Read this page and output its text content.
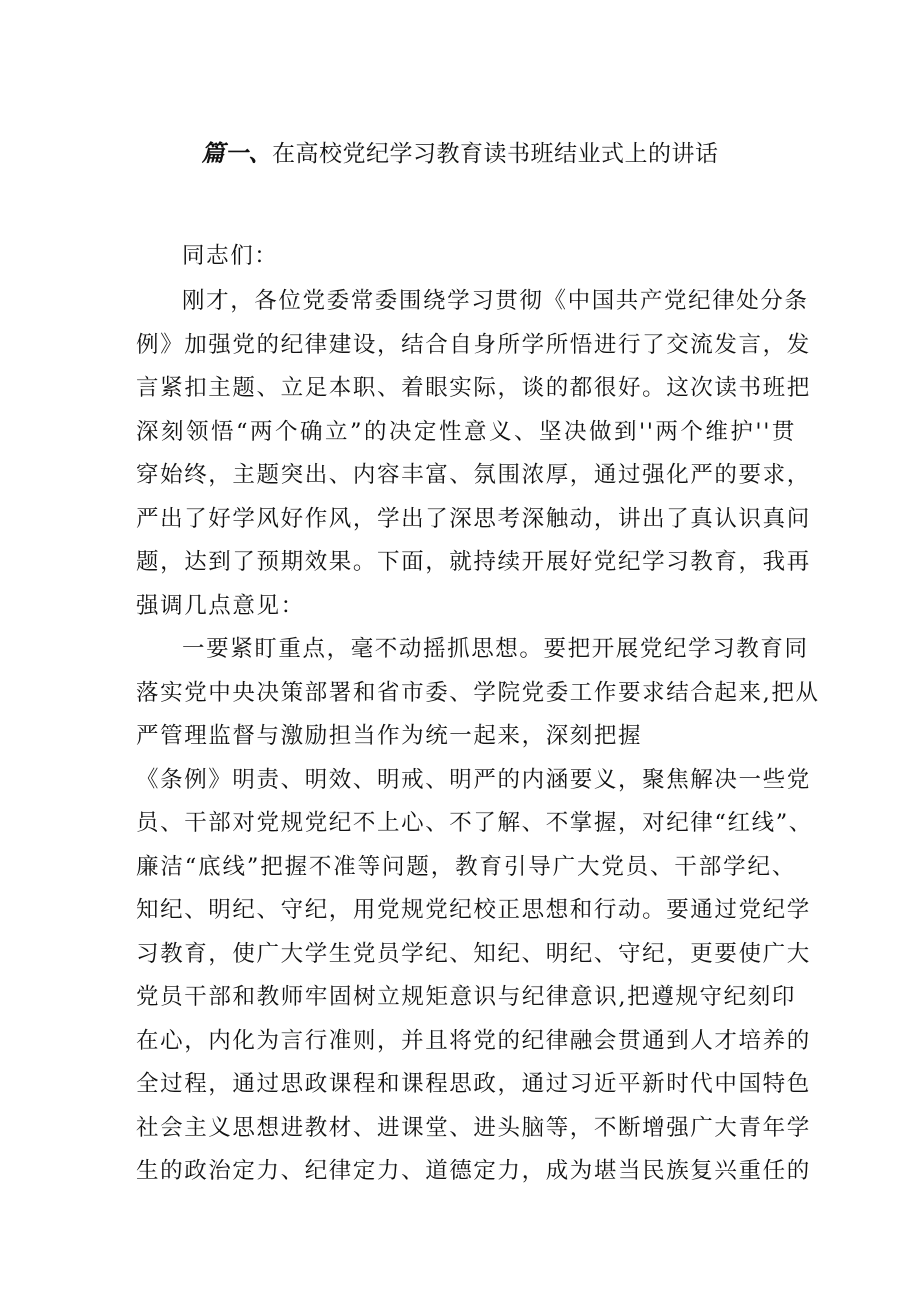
篇一、在高校党纪学习教育读书班结业式上的讲话
同志们：
刚才，各位党委常委围绕学习贯彻《中国共产党纪律处分条
例》加强党的纪律建设，结合自身所学所悟进行了交流发言，发
言紧扣主题、立足本职、着眼实际，谈的都很好。这次读书班把
深刻领悟“两个确立”的决定性意义、坚决做到''两个维护''贯
穿始终，主题突出、内容丰富、氛围浓厚，通过强化严的要求，
严出了好学风好作风，学出了深思考深触动，讲出了真认识真问
题，达到了预期效果。下面，就持续开展好党纪学习教育，我再
强调几点意见：
一要紧盯重点，毫不动摇抓思想。要把开展党纪学习教育同
落实党中央决策部署和省市委、学院党委工作要求结合起来,把从
严管理监督与激励担当作为统一起来，深刻把握
《条例》明责、明效、明戒、明严的内涵要义，聚焦解决一些党
员、干部对党规党纪不上心、不了解、不掌握，对纪律“红线”、
廉洁“底线”把握不准等问题，教育引导广大党员、干部学纪、
知纪、明纪、守纪，用党规党纪校正思想和行动。要通过党纪学
习教育，使广大学生党员学纪、知纪、明纪、守纪，更要使广大
党员干部和教师牢固树立规矩意识与纪律意识,把遵规守纪刻印
在心，内化为言行准则，并且将党的纪律融会贯通到人才培养的
全过程，通过思政课程和课程思政，通过习近平新时代中国特色
社会主义思想进教材、进课堂、进头脑等，不断增强广大青年学
生的政治定力、纪律定力、道德定力，成为堪当民族复兴重任的
